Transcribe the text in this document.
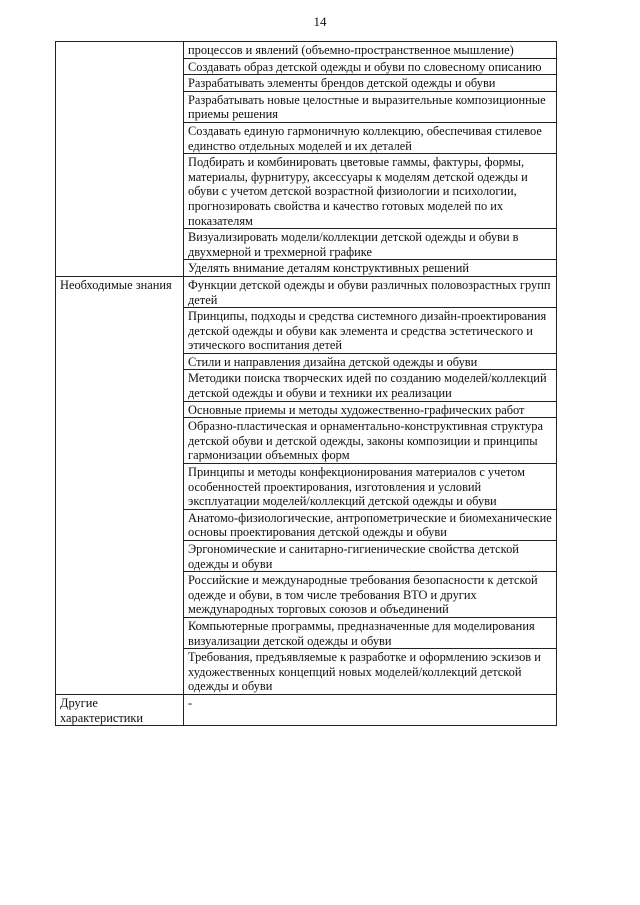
14

	процессов и явлений (объемно-пространственное мышление)

	Создавать образ детской одежды и обуви по словесному описанию

	Разрабатывать элементы брендов детской одежды и обуви

	Разрабатывать новые целостные и выразительные композиционные приемы решения

	Создавать единую гармоничную коллекцию, обеспечивая стилевое единство отдельных моделей и их деталей

	Подбирать и комбинировать цветовые гаммы, фактуры, формы, материалы, фурнитуру, аксессуары к моделям детской одежды и обуви с учетом детской возрастной физиологии и психологии, прогнозировать свойства и качество готовых моделей по их показателям

	Визуализировать модели/коллекции детской одежды и обуви в двухмерной и трехмерной графике

	Уделять внимание деталям конструктивных решений

Необходимые знания	Функции детской одежды и обуви различных половозрастных групп детей

	Принципы, подходы и средства системного дизайн-проектирования детской одежды и обуви как элемента и средства эстетического и этического воспитания детей

	Стили и направления дизайна детской одежды и обуви

	Методики поиска творческих идей по созданию моделей/коллекций детской одежды и обуви и техники их реализации

	Основные приемы и методы художественно-графических работ

	Образно-пластическая и орнаментально-конструктивная структура детской обуви и детской одежды, законы композиции и принципы гармонизации объемных форм

	Принципы и методы конфекционирования материалов с учетом особенностей проектирования, изготовления и условий эксплуатации моделей/коллекций детской одежды и обуви

	Анатомо-физиологические, антропометрические и биомеханические основы проектирования детской одежды и обуви

	Эргономические и санитарно-гигиенические свойства детской одежды и обуви

	Российские и международные требования безопасности к детской одежде и обуви, в том числе требования ВТО и других международных торговых союзов и объединений

	Компьютерные программы, предназначенные для моделирования визуализации детской одежды и обуви

	Требования, предъявляемые к разработке и оформлению эскизов и художественных концепций новых моделей/коллекций детской одежды и обуви

Другие характеристики	-
